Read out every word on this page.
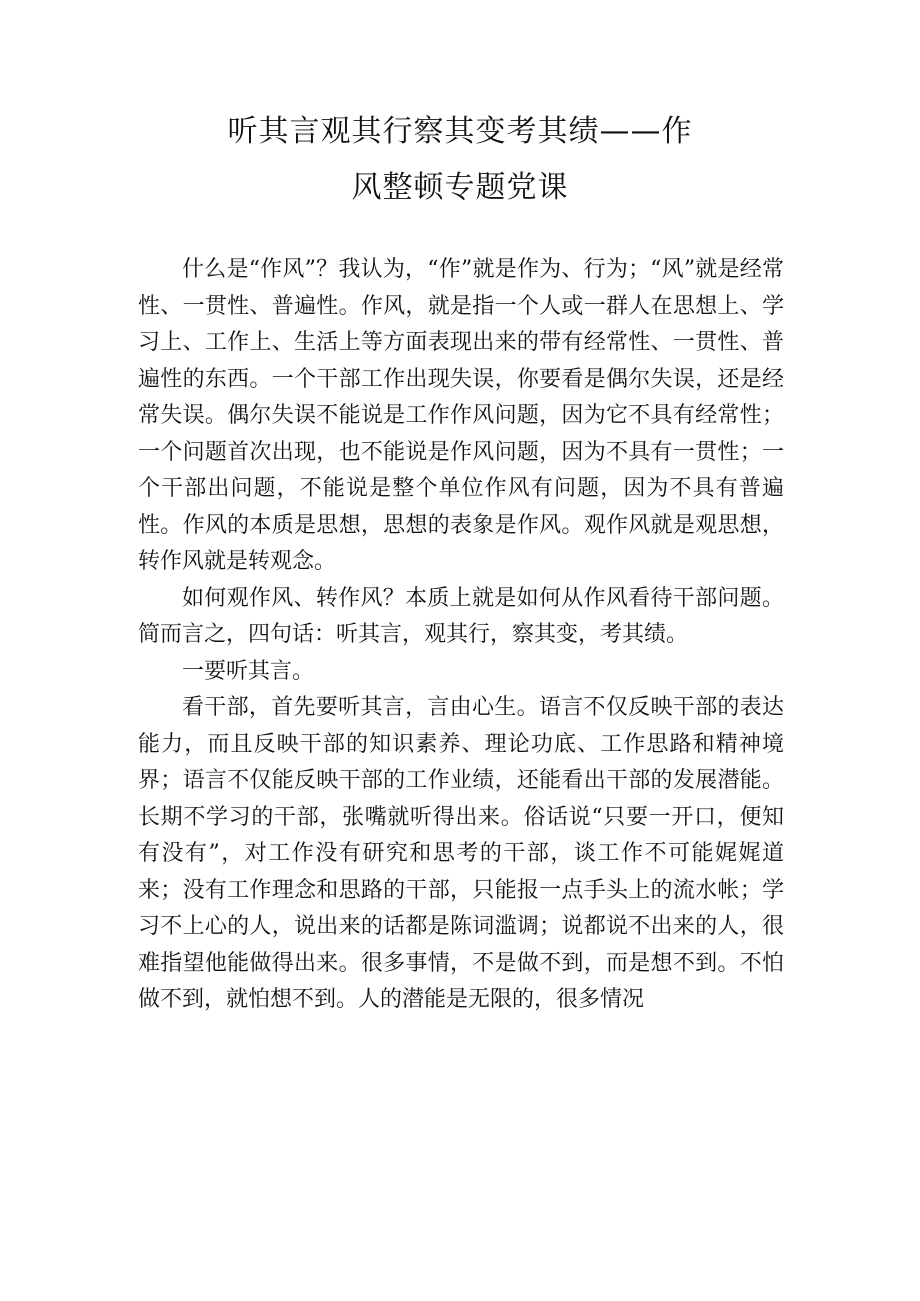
听其言观其行察其变考其绩——作
风整顿专题党课

什么是“作风”？我认为，“作”就是作为、行为；“风”就是经常性、一贯性、普遍性。作风，就是指一个人或一群人在思想上、学习上、工作上、生活上等方面表现出来的带有经常性、一贯性、普遍性的东西。一个干部工作出现失误，你要看是偶尔失误，还是经常失误。偶尔失误不能说是工作作风问题，因为它不具有经常性；一个问题首次出现，也不能说是作风问题，因为不具有一贯性；一个干部出问题，不能说是整个单位作风有问题，因为不具有普遍性。作风的本质是思想，思想的表象是作风。观作风就是观思想，转作风就是转观念。

如何观作风、转作风？本质上就是如何从作风看待干部问题。简而言之，四句话：听其言，观其行，察其变，考其绩。

一要听其言。

看干部，首先要听其言，言由心生。语言不仅反映干部的表达能力，而且反映干部的知识素养、理论功底、工作思路和精神境界；语言不仅能反映干部的工作业绩，还能看出干部的发展潜能。长期不学习的干部，张嘴就听得出来。俗话说“只要一开口，便知有没有”，对工作没有研究和思考的干部，谈工作不可能娓娓道来；没有工作理念和思路的干部，只能报一点手头上的流水帐；学习不上心的人，说出来的话都是陈词滥调；说都说不出来的人，很难指望他能做得出来。很多事情，不是做不到，而是想不到。不怕做不到，就怕想不到。人的潜能是无限的，很多情况
